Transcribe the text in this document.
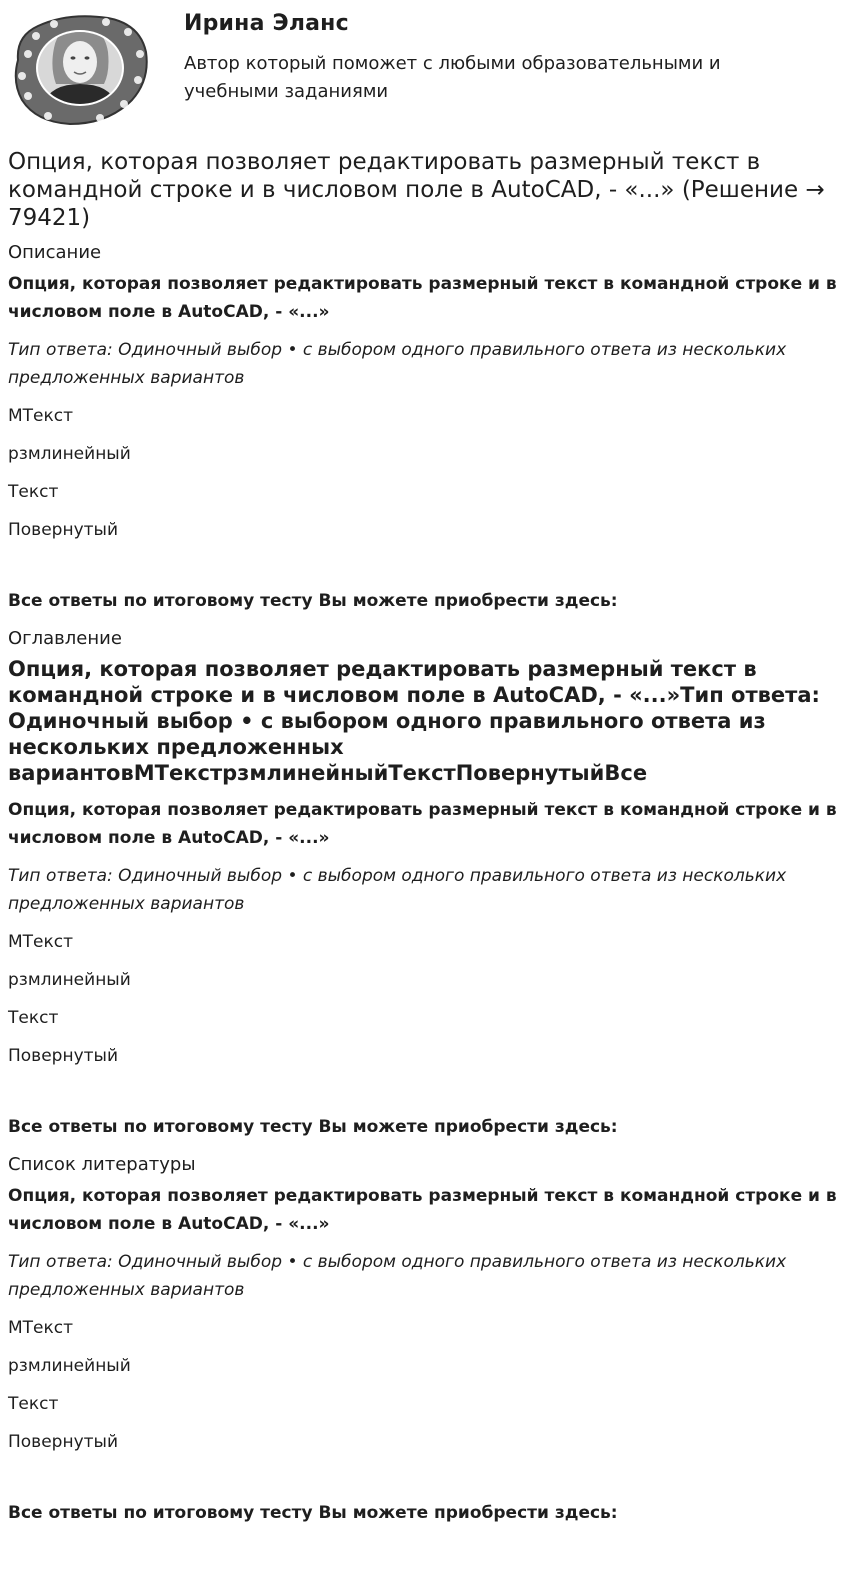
Ирина Эланс
Автор который поможет с любыми образовательными и учебными заданиями
Опция, которая позволяет редактировать размерный текст в командной строке и в числовом поле в AutoCAD, - «...» (Решение → 79421)
Описание
Опция, которая позволяет редактировать размерный текст в командной строке и в числовом поле в AutoCAD, - «...»
Тип ответа: Одиночный выбор • с выбором одного правильного ответа из нескольких предложенных вариантов
МТекст
рзмлинейный
Текст
Повернутый
Все ответы по итоговому тесту Вы можете приобрести здесь:
Оглавление
Опция, которая позволяет редактировать размерный текст в командной строке и в числовом поле в AutoCAD, - «...»Тип ответа: Одиночный выбор • с выбором одного правильного ответа из нескольких предложенных вариантовМТекстрзмлинейныйТекстПовернутыйВсе
Опция, которая позволяет редактировать размерный текст в командной строке и в числовом поле в AutoCAD, - «...»
Тип ответа: Одиночный выбор • с выбором одного правильного ответа из нескольких предложенных вариантов
МТекст
рзмлинейный
Текст
Повернутый
Все ответы по итоговому тесту Вы можете приобрести здесь:
Список литературы
Опция, которая позволяет редактировать размерный текст в командной строке и в числовом поле в AutoCAD, - «...»
Тип ответа: Одиночный выбор • с выбором одного правильного ответа из нескольких предложенных вариантов
МТекст
рзмлинейный
Текст
Повернутый
Все ответы по итоговому тесту Вы можете приобрести здесь:
